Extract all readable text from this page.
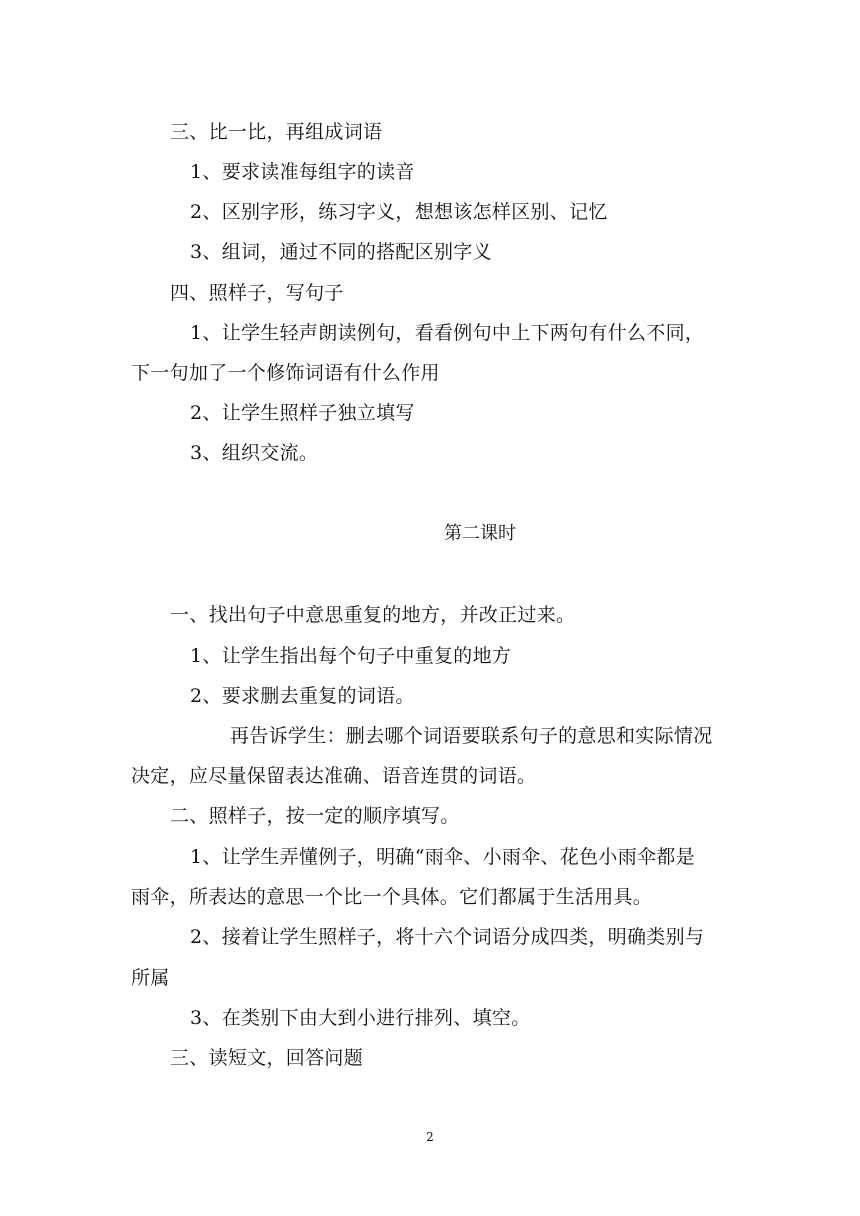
三、比一比，再组成词语
1、要求读准每组字的读音
2、区别字形，练习字义，想想该怎样区别、记忆
3、组词，通过不同的搭配区别字义
四、照样子，写句子
1、让学生轻声朗读例句，看看例句中上下两句有什么不同，
下一句加了一个修饰词语有什么作用
2、让学生照样子独立填写
3、组织交流。
第二课时
一、找出句子中意思重复的地方，并改正过来。
1、让学生指出每个句子中重复的地方
2、要求删去重复的词语。
再告诉学生：删去哪个词语要联系句子的意思和实际情况
决定，应尽量保留表达准确、语音连贯的词语。
二、照样子，按一定的顺序填写。
1、让学生弄懂例子，明确“雨伞、小雨伞、花色小雨伞都是
雨伞，所表达的意思一个比一个具体。它们都属于生活用具。
2、接着让学生照样子，将十六个词语分成四类，明确类别与
所属
3、在类别下由大到小进行排列、填空。
三、读短文，回答问题
2
